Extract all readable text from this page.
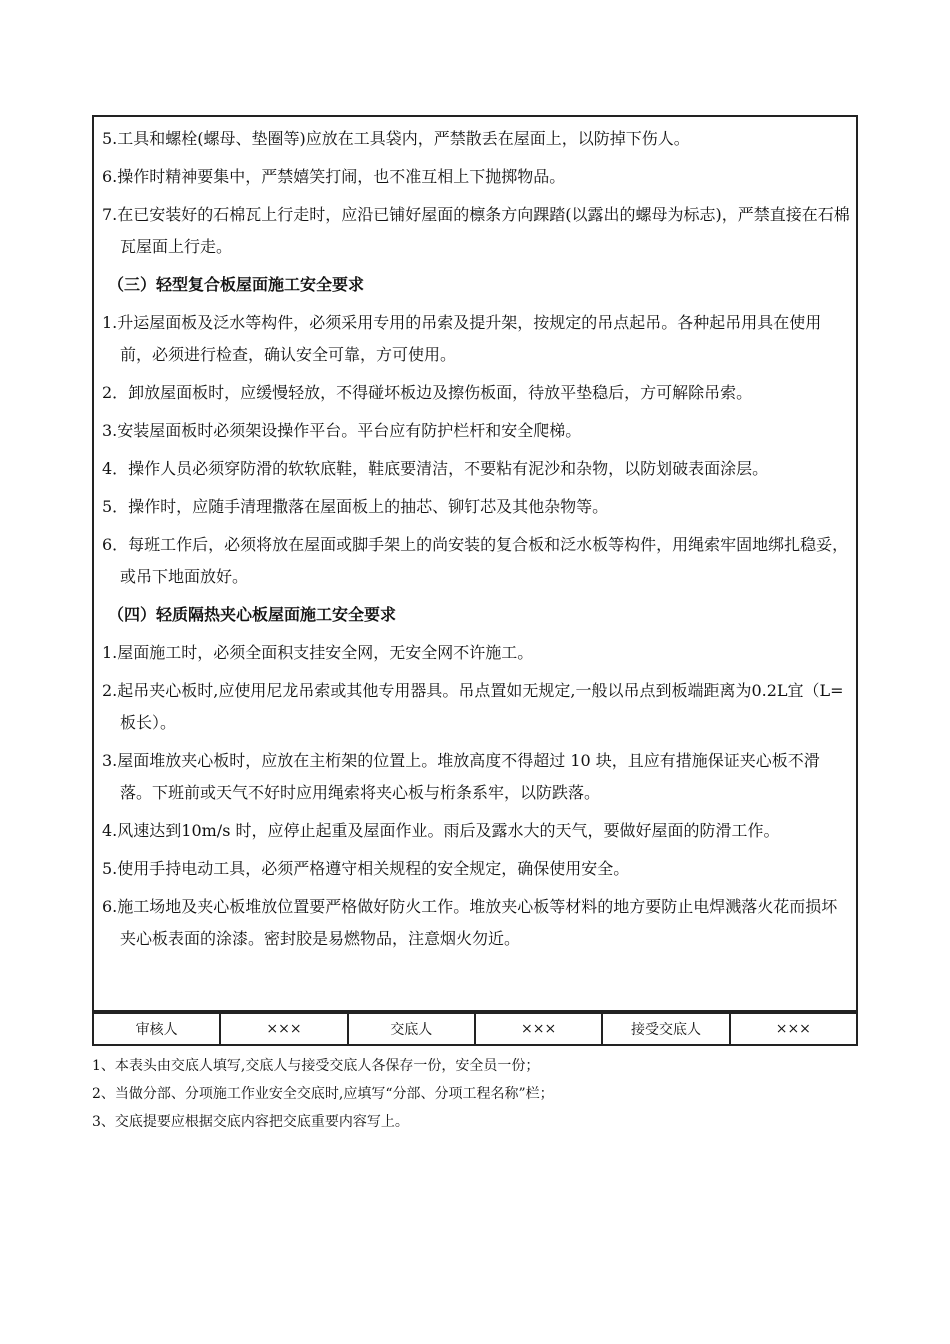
5.工具和螺栓(螺母、垫圈等)应放在工具袋内，严禁散丢在屋面上，以防掉下伤人。

6.操作时精神要集中，严禁嬉笑打闹，也不准互相上下抛掷物品。

7.在已安装好的石棉瓦上行走时，应沿已铺好屋面的檩条方向踝踏(以露出的螺母为标志)，严禁直接在石棉瓦屋面上行走。

（三）轻型复合板屋面施工安全要求

1.升运屋面板及泛水等构件，必须采用专用的吊索及提升架，按规定的吊点起吊。各种起吊用具在使用前，必须进行检查，确认安全可靠，方可使用。

2．卸放屋面板时，应缓慢轻放，不得碰坏板边及擦伤板面，待放平垫稳后，方可解除吊索。

3.安装屋面板时必须架设操作平台。平台应有防护栏杆和安全爬梯。

4．操作人员必须穿防滑的软软底鞋，鞋底要清洁，不要粘有泥沙和杂物，以防划破表面涂层。

5．操作时，应随手清理撒落在屋面板上的抽芯、铆钉芯及其他杂物等。

6．每班工作后，必须将放在屋面或脚手架上的尚安装的复合板和泛水板等构件，用绳索牢固地绑扎稳妥，或吊下地面放好。

（四）轻质隔热夹心板屋面施工安全要求

1.屋面施工时，必须全面积支挂安全网，无安全网不许施工。

2.起吊夹心板时,应使用尼龙吊索或其他专用器具。吊点置如无规定,一般以吊点到板端距离为0.2L宜（L=板长）。

3.屋面堆放夹心板时，应放在主桁架的位置上。堆放高度不得超过 10 块，且应有措施保证夹心板不滑落。下班前或天气不好时应用绳索将夹心板与桁条系牢，以防跌落。

4.风速达到10m/s 时，应停止起重及屋面作业。雨后及露水大的天气，要做好屋面的防滑工作。

5.使用手持电动工具，必须严格遵守相关规程的安全规定，确保使用安全。

6.施工场地及夹心板堆放位置要严格做好防火工作。堆放夹心板等材料的地方要防止电焊溅落火花而损坏夹心板表面的涂漆。密封胶是易燃物品，注意烟火勿近。

审核人	×××	交底人	×××	接受交底人	×××

1、本表头由交底人填写,交底人与接受交底人各保存一份，安全员一份；

2、当做分部、分项施工作业安全交底时,应填写“分部、分项工程名称”栏；

3、交底提要应根据交底内容把交底重要内容写上。
